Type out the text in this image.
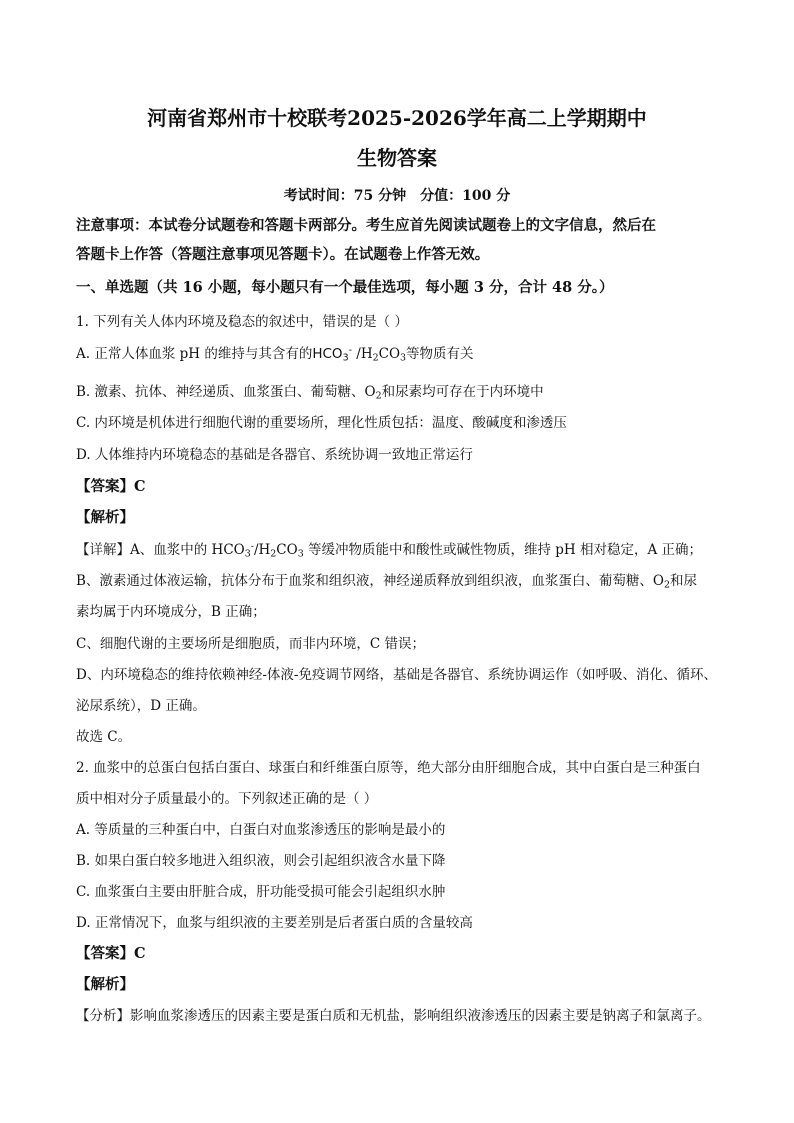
河南省郑州市十校联考2025-2026学年高二上学期期中
生物答案
考试时间：75 分钟 分值：100 分
注意事项：本试卷分试题卷和答题卡两部分。考生应首先阅读试题卷上的文字信息，然后在
答题卡上作答（答题注意事项见答题卡）。在试题卷上作答无效。
一、单选题（共 16 小题，每小题只有一个最佳选项，每小题 3 分，合计 48 分。）
1. 下列有关人体内环境及稳态的叙述中，错误的是（ ）
A. 正常人体血浆 pH 的维持与其含有的$HCO_3^-$ $/H_2CO_3$等物质有关
B. 激素、抗体、神经递质、血浆蛋白、葡萄糖、$O_2$和尿素均可存在于内环境中
C. 内环境是机体进行细胞代谢的重要场所，理化性质包括：温度、酸碱度和渗透压
D. 人体维持内环境稳态的基础是各器官、系统协调一致地正常运行
【答案】C
【解析】
【详解】A、血浆中的 $HCO_3^-/H_2CO_3$ 等缓冲物质能中和酸性或碱性物质，维持 pH 相对稳定，A 正确；
B、激素通过体液运输，抗体分布于血浆和组织液，神经递质释放到组织液，血浆蛋白、葡萄糖、$O_2$和尿
素均属于内环境成分，B 正确；
C、细胞代谢的主要场所是细胞质，而非内环境，C 错误；
D、内环境稳态的维持依赖神经-体液-免疫调节网络，基础是各器官、系统协调运作（如呼吸、消化、循环、
泌尿系统），D 正确。
故选 C。
2. 血浆中的总蛋白包括白蛋白、球蛋白和纤维蛋白原等，绝大部分由肝细胞合成，其中白蛋白是三种蛋白
质中相对分子质量最小的。下列叙述正确的是（ ）
A. 等质量的三种蛋白中，白蛋白对血浆渗透压的影响是最小的
B. 如果白蛋白较多地进入组织液，则会引起组织液含水量下降
C. 血浆蛋白主要由肝脏合成，肝功能受损可能会引起组织水肿
D. 正常情况下，血浆与组织液的主要差别是后者蛋白质的含量较高
【答案】C
【解析】
【分析】影响血浆渗透压的因素主要是蛋白质和无机盐，影响组织液渗透压的因素主要是钠离子和氯离子。
